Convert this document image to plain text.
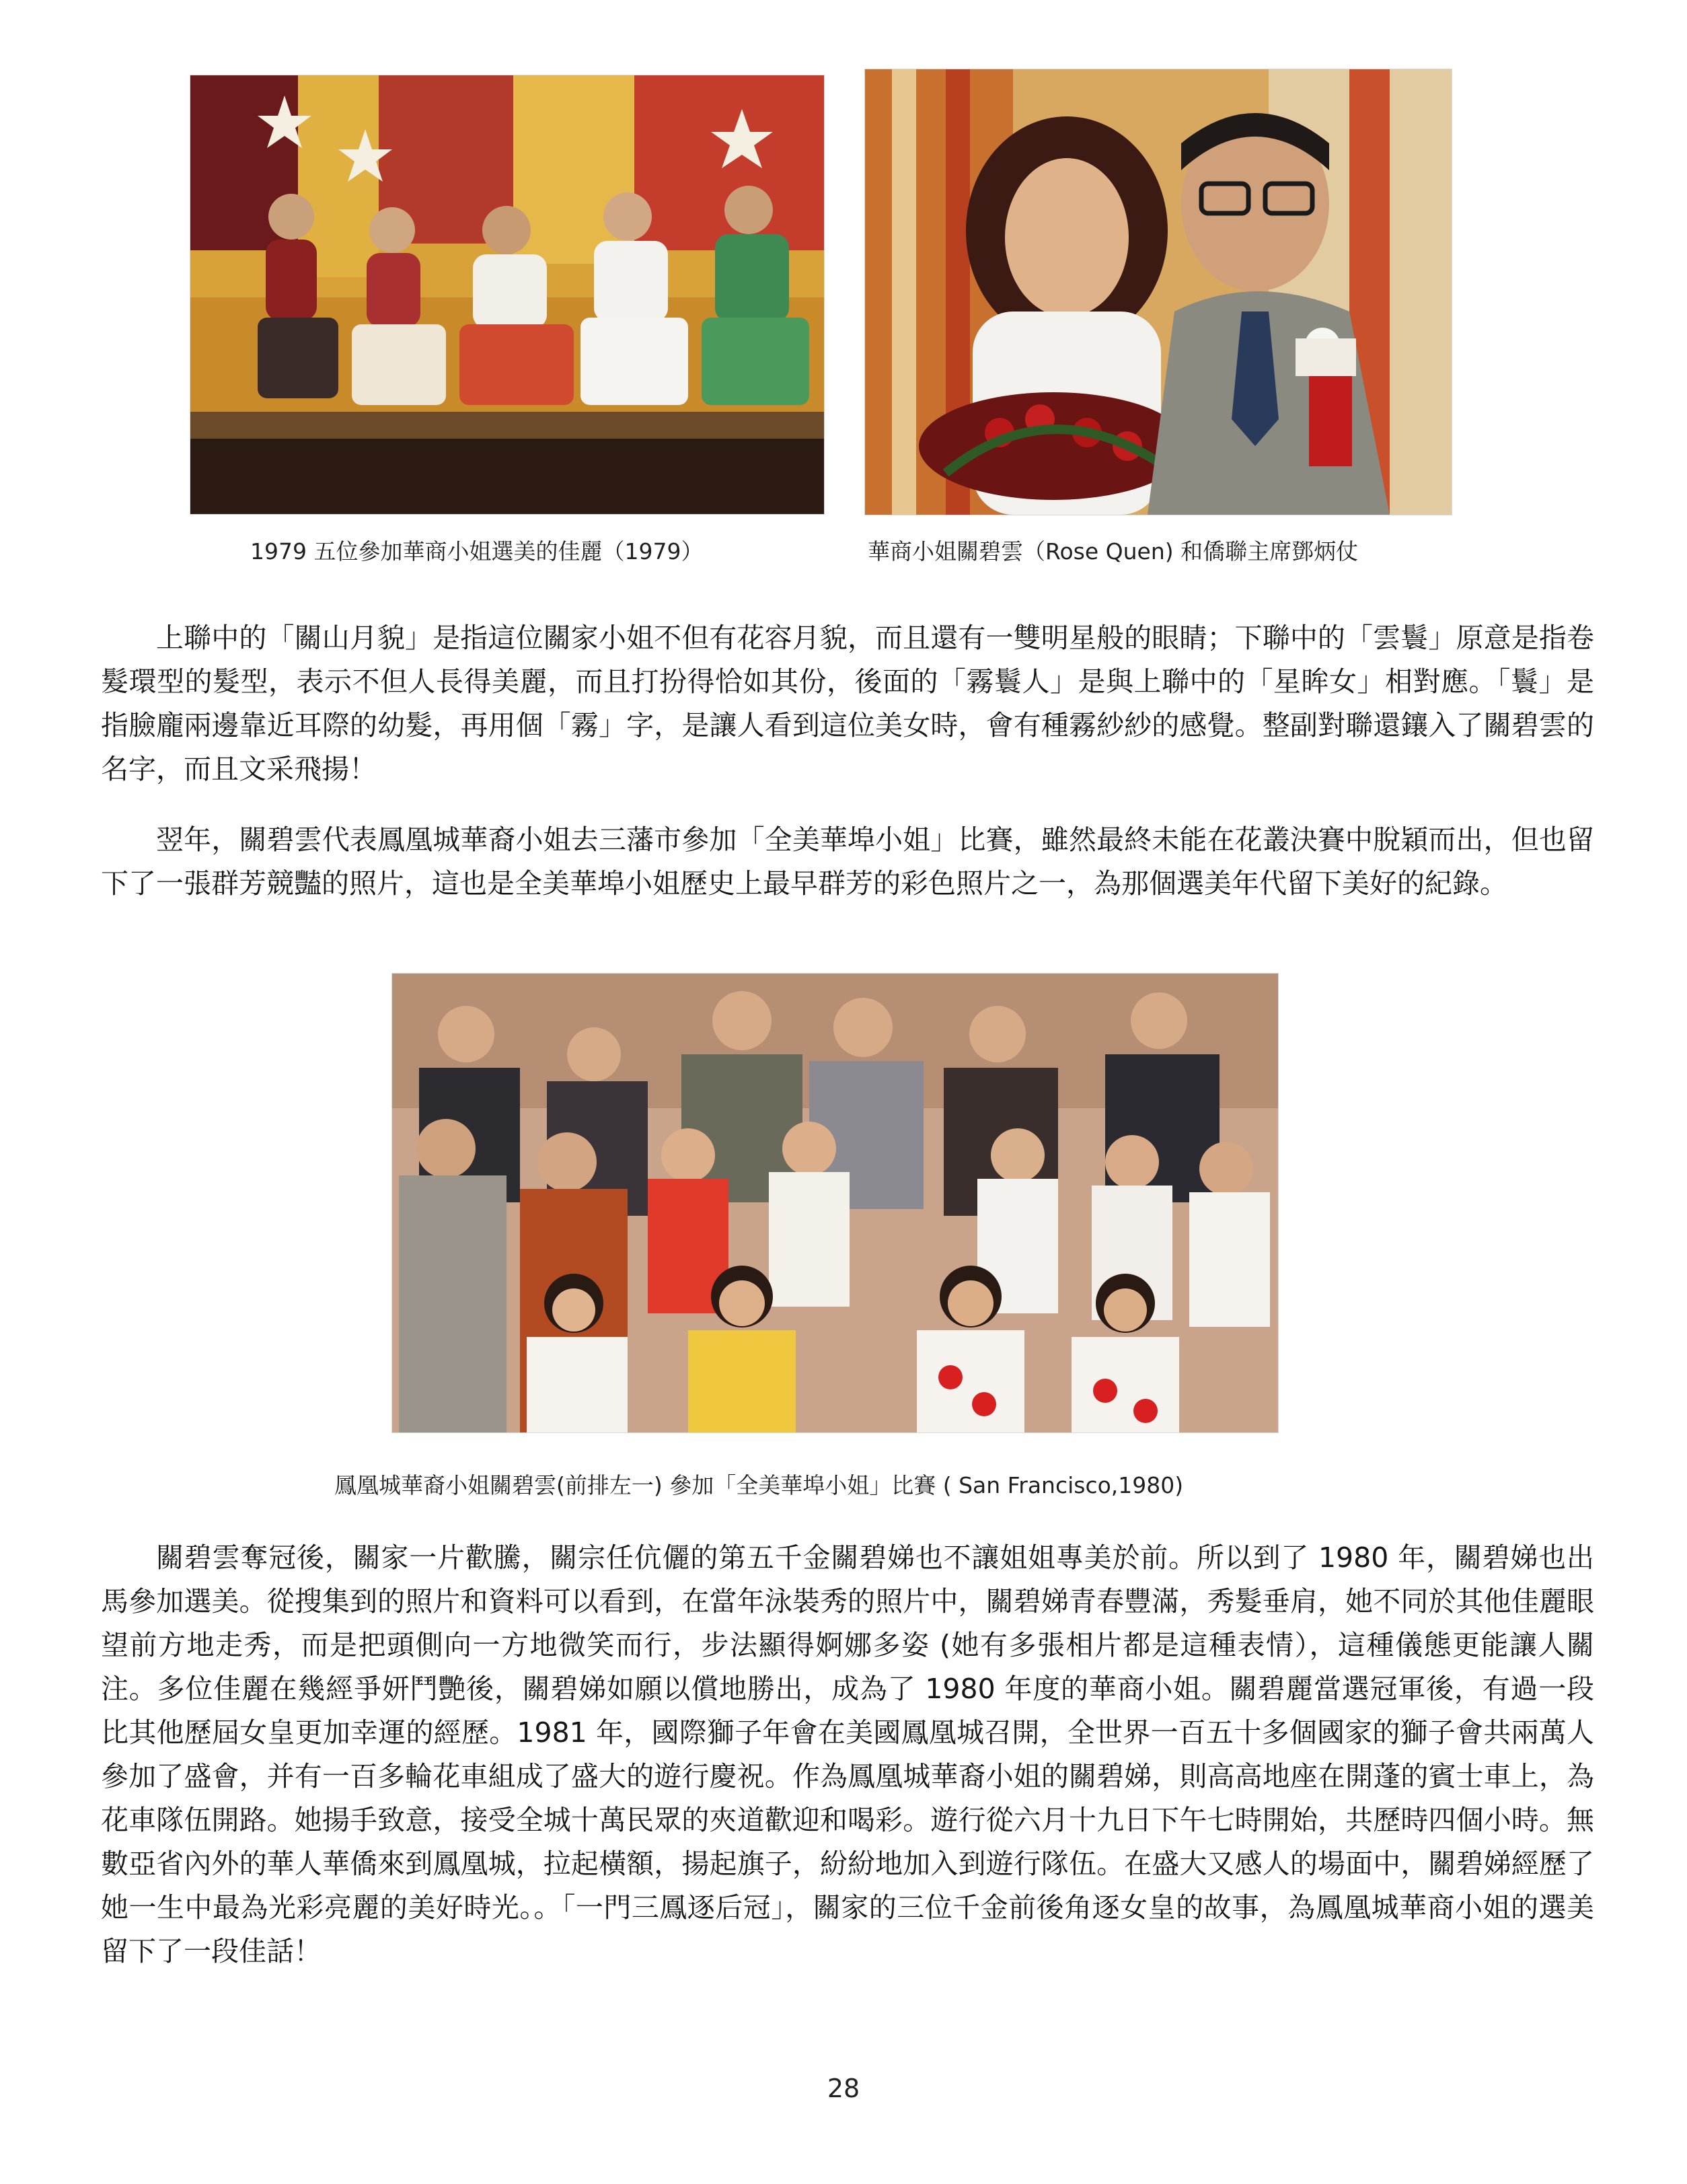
1979 五位參加華商小姐選美的佳麗（1979）	華商小姐關碧雲（Rose Quen) 和僑聯主席鄧炳仗

上聯中的「關山月貌」是指這位關家小姐不但有花容月貌，而且還有一雙明星般的眼睛；下聯中的「雲鬟」原意是指卷髮環型的髮型，表示不但人長得美麗，而且打扮得恰如其份，後面的「霧鬟人」是與上聯中的「星眸女」相對應。「鬟」是指臉龐兩邊靠近耳際的幼髮，再用個「霧」字，是讓人看到這位美女時，會有種霧紗紗的感覺。整副對聯還鑲入了關碧雲的名字，而且文采飛揚！

翌年，關碧雲代表鳳凰城華裔小姐去三藩市參加「全美華埠小姐」比賽，雖然最終未能在花叢決賽中脫穎而出，但也留下了一張群芳競豔的照片，這也是全美華埠小姐歷史上最早群芳的彩色照片之一，為那個選美年代留下美好的紀錄。

鳳凰城華裔小姐關碧雲(前排左一) 參加「全美華埠小姐」比賽 ( San Francisco,1980)

關碧雲奪冠後，關家一片歡騰，關宗任伉儷的第五千金關碧娣也不讓姐姐專美於前。所以到了 1980 年，關碧娣也出馬參加選美。從搜集到的照片和資料可以看到，在當年泳裝秀的照片中，關碧娣青春豐滿，秀髮垂肩，她不同於其他佳麗眼望前方地走秀，而是把頭側向一方地微笑而行，步法顯得婀娜多姿 (她有多張相片都是這種表情），這種儀態更能讓人關注。多位佳麗在幾經爭妍鬥艷後，關碧娣如願以償地勝出，成為了 1980 年度的華商小姐。關碧麗當選冠軍後，有過一段比其他歷屆女皇更加幸運的經歷。1981 年，國際獅子年會在美國鳳凰城召開，全世界一百五十多個國家的獅子會共兩萬人參加了盛會，并有一百多輪花車組成了盛大的遊行慶祝。作為鳳凰城華裔小姐的關碧娣，則高高地座在開蓬的賓士車上，為花車隊伍開路。她揚手致意，接受全城十萬民眾的夾道歡迎和喝彩。遊行從六月十九日下午七時開始，共歷時四個小時。無數亞省內外的華人華僑來到鳳凰城，拉起橫額，揚起旗子，紛紛地加入到遊行隊伍。在盛大又感人的場面中，關碧娣經歷了她一生中最為光彩亮麗的美好時光。。「一門三鳳逐后冠」，關家的三位千金前後角逐女皇的故事，為鳳凰城華商小姐的選美留下了一段佳話！

28
